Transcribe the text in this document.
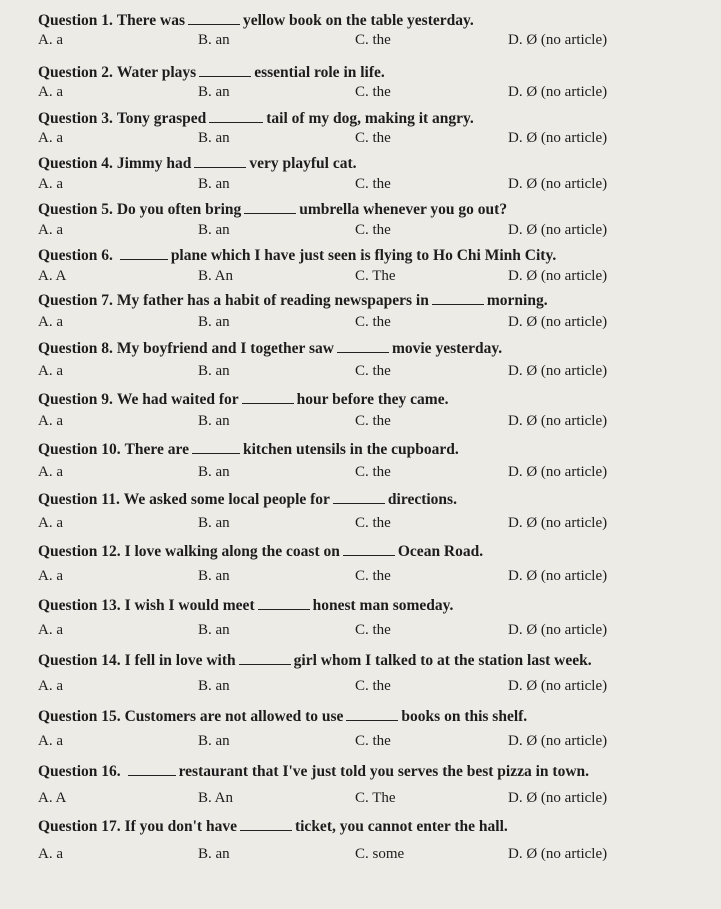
Question 1. There was	yellow book on the table yesterday.
A. a	B. an	C. the	D. Ø (no article)
Question 2. Water plays	essential role in life.
A. a	B. an	C. the	D. Ø (no article)
Question 3. Tony grasped	tail of my dog, making it angry.
A. a	B. an	C. the	D. Ø (no article)
Question 4. Jimmy had	very playful cat.
A. a	B. an	C. the	D. Ø (no article)
Question 5. Do you often bring	umbrella whenever you go out?
A. a	B. an	C. the	D. Ø (no article)
Question 6.	plane which I have just seen is flying to Ho Chi Minh City.
A. A	B. An	C. The	D. Ø (no article)
Question 7. My father has a habit of reading newspapers in	morning.
A. a	B. an	C. the	D. Ø (no article)
Question 8. My boyfriend and I together saw	movie yesterday.
A. a	B. an	C. the	D. Ø (no article)
Question 9. We had waited for	hour before they came.
A. a	B. an	C. the	D. Ø (no article)
Question 10. There are	kitchen utensils in the cupboard.
A. a	B. an	C. the	D. Ø (no article)
Question 11. We asked some local people for	directions.
A. a	B. an	C. the	D. Ø (no article)
Question 12. I love walking along the coast on	Ocean Road.
A. a	B. an	C. the	D. Ø (no article)
Question 13. I wish I would meet	honest man someday.
A. a	B. an	C. the	D. Ø (no article)
Question 14. I fell in love with	girl whom I talked to at the station last week.
A. a	B. an	C. the	D. Ø (no article)
Question 15. Customers are not allowed to use	books on this shelf.
A. a	B. an	C. the	D. Ø (no article)
Question 16.	restaurant that I've just told you serves the best pizza in town.
A. A	B. An	C. The	D. Ø (no article)
Question 17. If you don't have	ticket, you cannot enter the hall.
A. a	B. an	C. some	D. Ø (no article)
